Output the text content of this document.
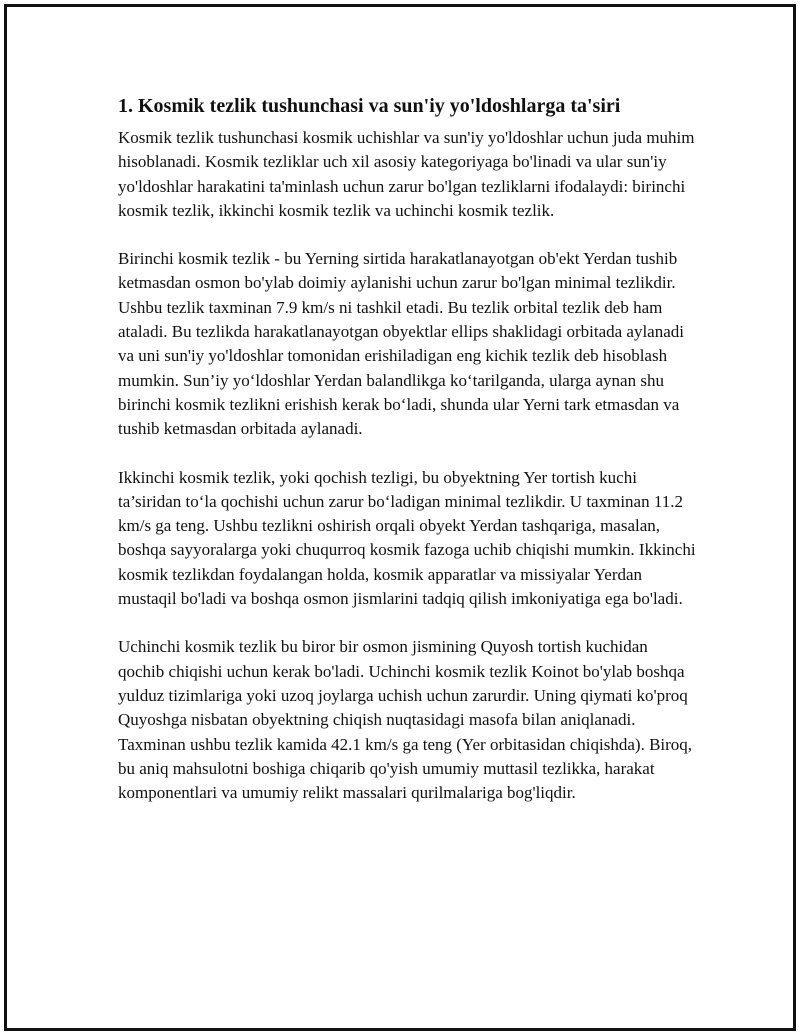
1. Kosmik tezlik tushunchasi va sun'iy yo'ldoshlarga ta'siri

Kosmik tezlik tushunchasi kosmik uchishlar va sun'iy yo'ldoshlar uchun juda muhim hisoblanadi. Kosmik tezliklar uch xil asosiy kategoriyaga bo'linadi va ular sun'iy yo'ldoshlar harakatini ta'minlash uchun zarur bo'lgan tezliklarni ifodalaydi: birinchi kosmik tezlik, ikkinchi kosmik tezlik va uchinchi kosmik tezlik.

Birinchi kosmik tezlik - bu Yerning sirtida harakatlanayotgan ob'ekt Yerdan tushib ketmasdan osmon bo'ylab doimiy aylanishi uchun zarur bo'lgan minimal tezlikdir. Ushbu tezlik taxminan 7.9 km/s ni tashkil etadi. Bu tezlik orbital tezlik deb ham ataladi. Bu tezlikda harakatlanayotgan obyektlar ellips shaklidagi orbitada aylanadi va uni sun'iy yo'ldoshlar tomonidan erishiladigan eng kichik tezlik deb hisoblash mumkin. Sun’iy yo‘ldoshlar Yerdan balandlikga ko‘tarilganda, ularga aynan shu birinchi kosmik tezlikni erishish kerak bo‘ladi, shunda ular Yerni tark etmasdan va tushib ketmasdan orbitada aylanadi.

Ikkinchi kosmik tezlik, yoki qochish tezligi, bu obyektning Yer tortish kuchi ta’siridan to‘la qochishi uchun zarur bo‘ladigan minimal tezlikdir. U taxminan 11.2 km/s ga teng. Ushbu tezlikni oshirish orqali obyekt Yerdan tashqariga, masalan, boshqa sayyoralarga yoki chuqurroq kosmik fazoga uchib chiqishi mumkin. Ikkinchi kosmik tezlikdan foydalangan holda, kosmik apparatlar va missiyalar Yerdan mustaqil bo'ladi va boshqa osmon jismlarini tadqiq qilish imkoniyatiga ega bo'ladi.

Uchinchi kosmik tezlik bu biror bir osmon jismining Quyosh tortish kuchidan qochib chiqishi uchun kerak bo'ladi. Uchinchi kosmik tezlik Koinot bo'ylab boshqa yulduz tizimlariga yoki uzoq joylarga uchish uchun zarurdir. Uning qiymati ko'proq Quyoshga nisbatan obyektning chiqish nuqtasidagi masofa bilan aniqlanadi. Taxminan ushbu tezlik kamida 42.1 km/s ga teng (Yer orbitasidan chiqishda). Biroq, bu aniq mahsulotni boshiga chiqarib qo'yish umumiy muttasil tezlikka, harakat komponentlari va umumiy relikt massalari qurilmalariga bog'liqdir.
